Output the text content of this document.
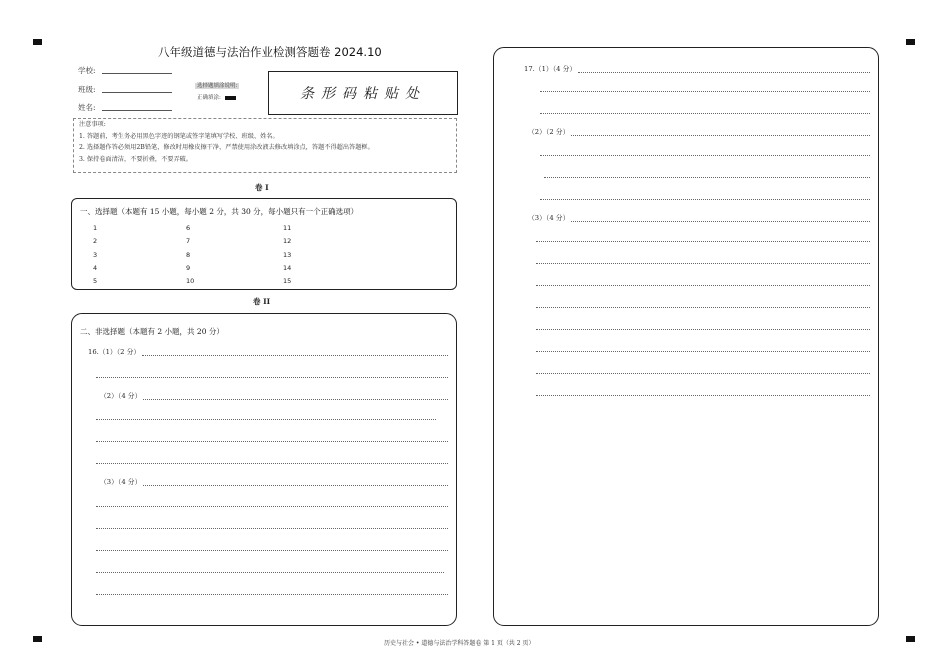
八年级道德与法治作业检测答题卷 2024.10
学校:
班级:
姓名:
选择题填涂说明:
正确填涂:	条形码粘贴处
注意事项:
1. 答题前，考生务必用黑色字迹的钢笔或签字笔填写学校、班级、姓名。
2. 选择题作答必须用2B铅笔，修改时用橡皮擦干净，严禁使用涂改液去修改填涂点，答题不得超出答题框。
3. 保持卷面清洁，不要折叠，不要弄破。
卷 I
一、选择题（本题有 15 小题，每小题 2 分，共 30 分，每小题只有一个正确选项）
1
2
3
4
5
6
7
8
9
10
11
12
13
14
15
卷 II
二、非选择题（本题有 2 小题，共 20 分）
16.（1）（2 分）
（2）（4 分）
（3）（4 分）
17.（1）（4 分）
（2）（2 分）
（3）（4 分）
历史与社会 • 道德与法治学科答题卷 第 1 页（共 2 页）
